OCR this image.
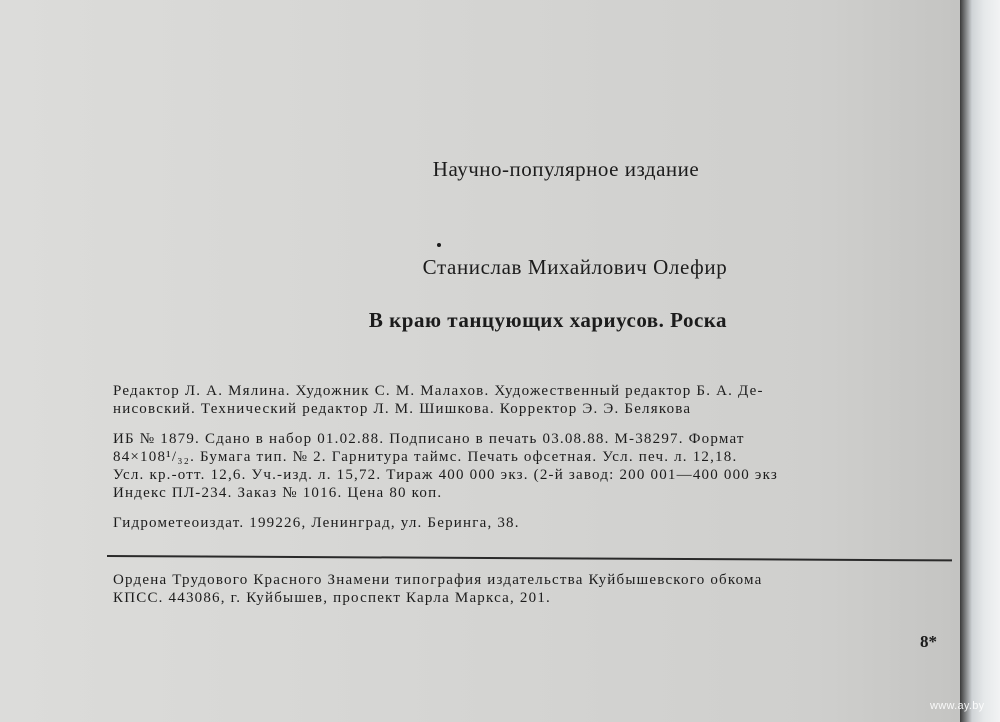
Научно-популярное издание
Станислав Михайлович Олефир
В краю танцующих хариусов. Роска
Редактор Л. А. Мялина. Художник С. М. Малахов. Художественный редактор Б. А. Де-
нисовский. Технический редактор Л. М. Шишкова. Корректор Э. Э. Белякова
ИБ № 1879. Сдано в набор 01.02.88. Подписано в печать 03.08.88. М-38297. Формат
84×108¹/₃₂. Бумага тип. № 2. Гарнитура таймс. Печать офсетная. Усл. печ. л. 12,18.
Усл. кр.-отт. 12,6. Уч.-изд. л. 15,72. Тираж 400 000 экз. (2-й завод: 200 001—400 000 экз
Индекс ПЛ-234. Заказ № 1016. Цена 80 коп.
Гидрометеоиздат. 199226, Ленинград, ул. Беринга, 38.
Ордена Трудового Красного Знамени типография издательства Куйбышевского обкома
КПСС. 443086, г. Куйбышев, проспект Карла Маркса, 201.
8*
www.ay.by
